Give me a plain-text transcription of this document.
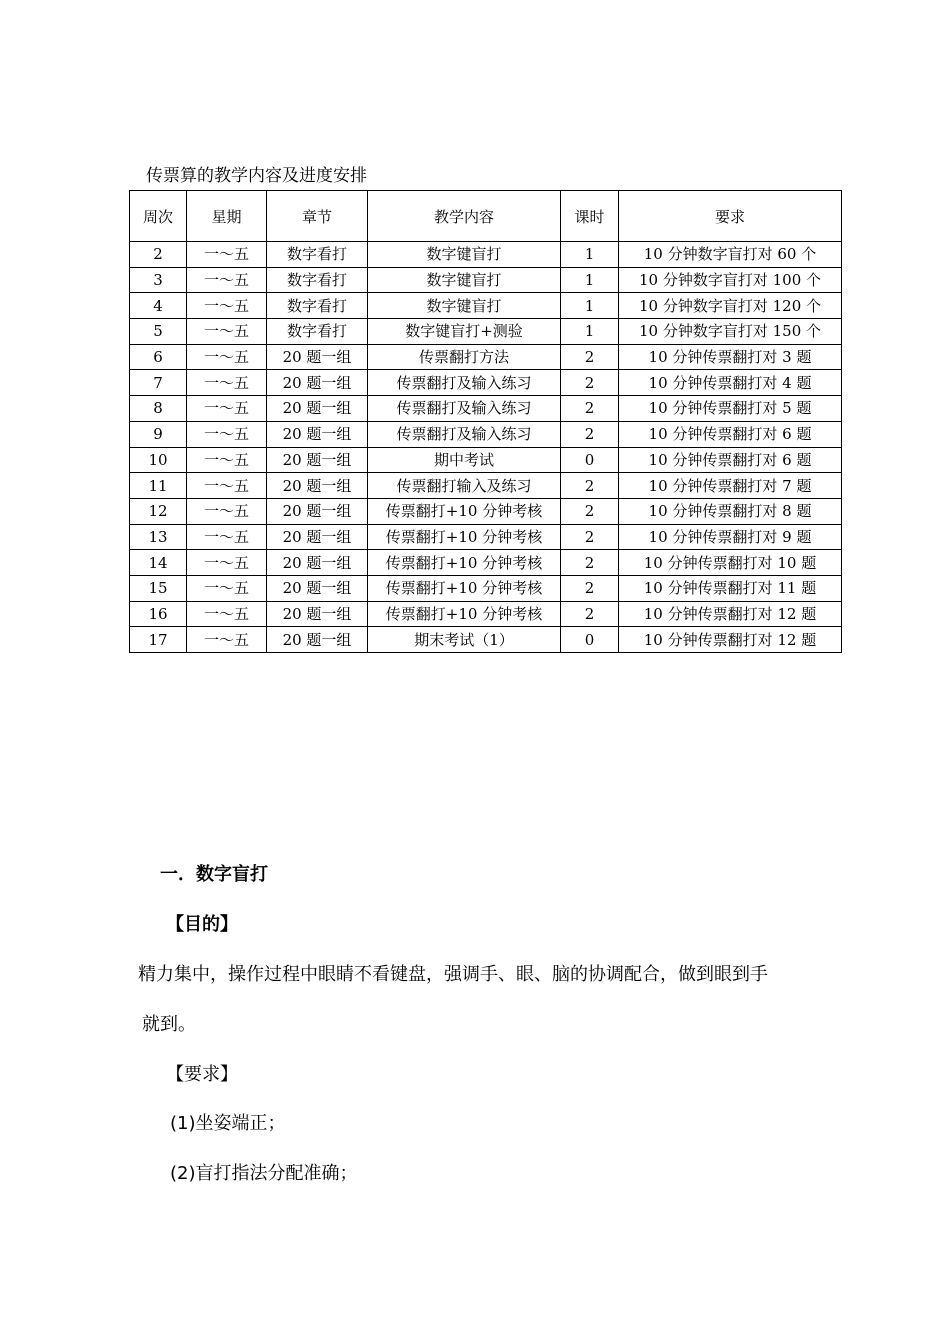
传票算的教学内容及进度安排
周次	星期	章节	教学内容	课时	要求
2	一～五	数字看打	数字键盲打	1	10 分钟数字盲打对 60 个
3	一～五	数字看打	数字键盲打	1	10 分钟数字盲打对 100 个
4	一～五	数字看打	数字键盲打	1	10 分钟数字盲打对 120 个
5	一～五	数字看打	数字键盲打+测验	1	10 分钟数字盲打对 150 个
6	一～五	20 题一组	传票翻打方法	2	10 分钟传票翻打对 3 题
7	一～五	20 题一组	传票翻打及输入练习	2	10 分钟传票翻打对 4 题
8	一～五	20 题一组	传票翻打及输入练习	2	10 分钟传票翻打对 5 题
9	一～五	20 题一组	传票翻打及输入练习	2	10 分钟传票翻打对 6 题
10	一～五	20 题一组	期中考试	0	10 分钟传票翻打对 6 题
11	一～五	20 题一组	传票翻打输入及练习	2	10 分钟传票翻打对 7 题
12	一～五	20 题一组	传票翻打+10 分钟考核	2	10 分钟传票翻打对 8 题
13	一～五	20 题一组	传票翻打+10 分钟考核	2	10 分钟传票翻打对 9 题
14	一～五	20 题一组	传票翻打+10 分钟考核	2	10 分钟传票翻打对 10 题
15	一～五	20 题一组	传票翻打+10 分钟考核	2	10 分钟传票翻打对 11 题
16	一～五	20 题一组	传票翻打+10 分钟考核	2	10 分钟传票翻打对 12 题
17	一～五	20 题一组	期末考试（1）	0	10 分钟传票翻打对 12 题

一．数字盲打

【目的】

精力集中，操作过程中眼睛不看键盘，强调手、眼、脑的协调配合，做到眼到手

就到。

【要求】

(1)坐姿端正；

(2)盲打指法分配准确；
